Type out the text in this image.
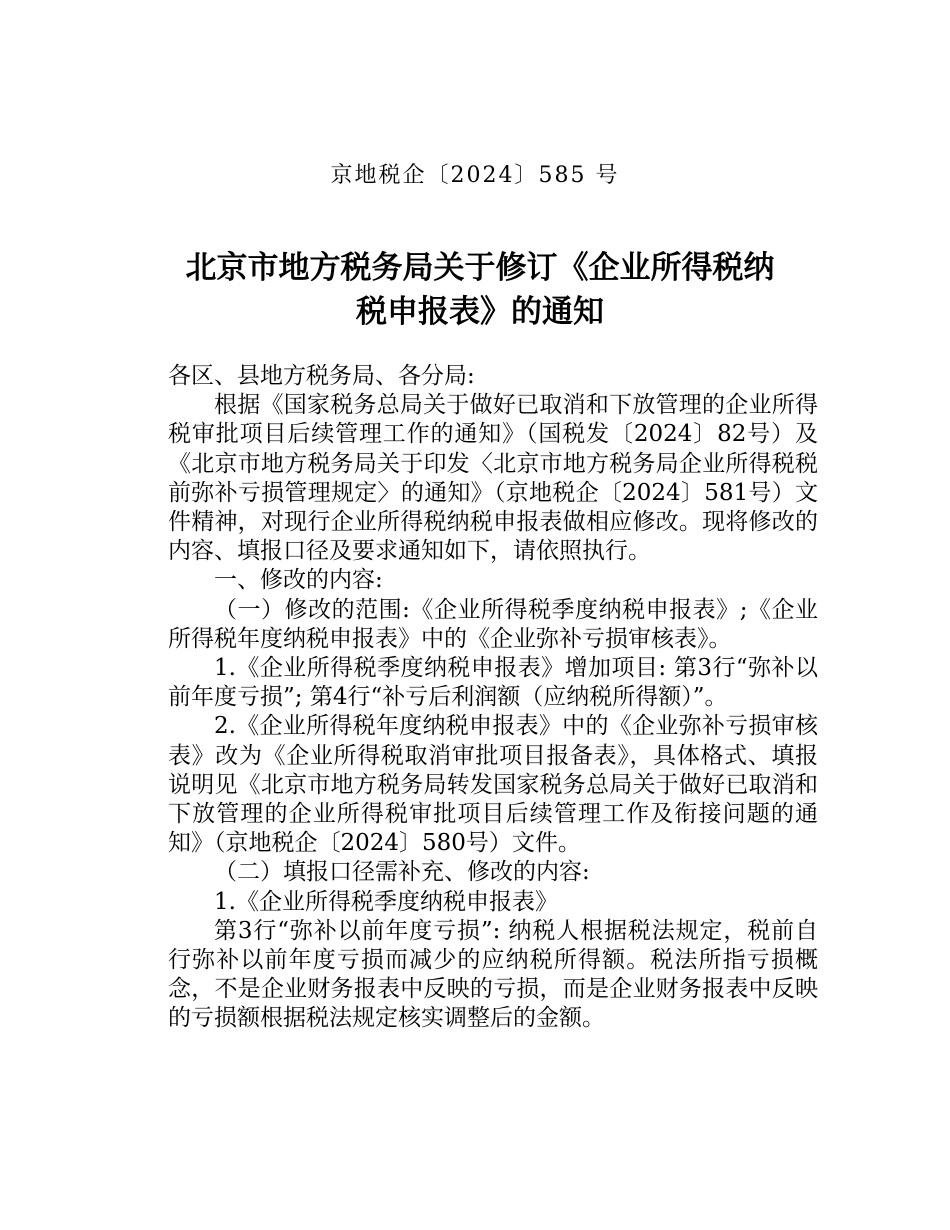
京地税企〔2024〕585 号
北京市地方税务局关于修订《企业所得税纳
税申报表》的通知

各区、县地方税务局、各分局:

根据《国家税务总局关于做好已取消和下放管理的企业所得税审批项目后续管理工作的通知》（国税发〔2024〕82号）及《北京市地方税务局关于印发〈北京市地方税务局企业所得税税前弥补亏损管理规定〉的通知》（京地税企〔2024〕581号）文件精神，对现行企业所得税纳税申报表做相应修改。现将修改的内容、填报口径及要求通知如下，请依照执行。

一、修改的内容:

（一）修改的范围:《企业所得税季度纳税申报表》;《企业所得税年度纳税申报表》中的《企业弥补亏损审核表》。

1.《企业所得税季度纳税申报表》增加项目: 第3行“弥补以前年度亏损”; 第4行“补亏后利润额（应纳税所得额）”。

2.《企业所得税年度纳税申报表》中的《企业弥补亏损审核表》改为《企业所得税取消审批项目报备表》，具体格式、填报说明见《北京市地方税务局转发国家税务总局关于做好已取消和下放管理的企业所得税审批项目后续管理工作及衔接问题的通知》（京地税企〔2024〕580号）文件。

（二）填报口径需补充、修改的内容:

1.《企业所得税季度纳税申报表》

第3行“弥补以前年度亏损”: 纳税人根据税法规定，税前自行弥补以前年度亏损而减少的应纳税所得额。税法所指亏损概念，不是企业财务报表中反映的亏损，而是企业财务报表中反映的亏损额根据税法规定核实调整后的金额。
